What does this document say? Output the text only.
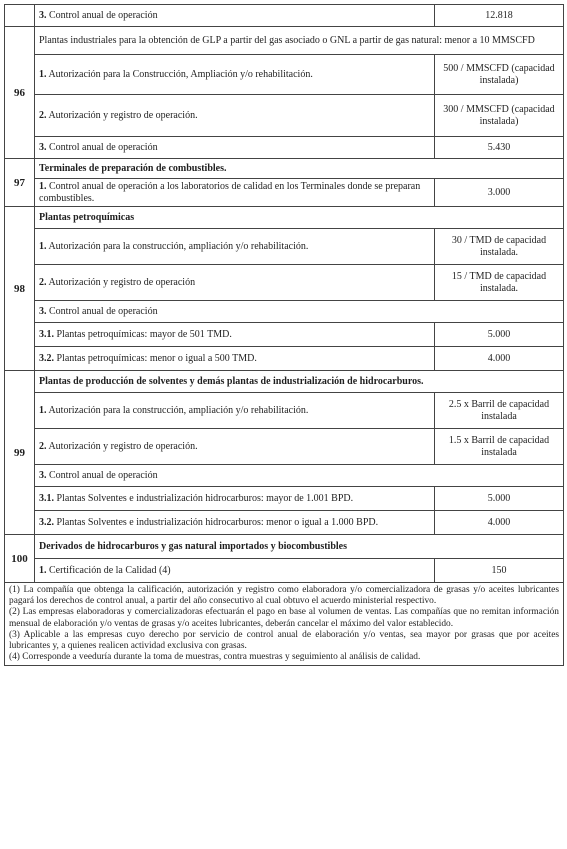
	3. Control anual de operación	12.818
96	Plantas industriales para la obtención de GLP a partir del gas asociado o GNL a partir de gas natural: menor a 10 MMSCFD	
	1. Autorización para la Construcción, Ampliación y/o rehabilitación.	500 / MMSCFD (capacidad instalada)
	2. Autorización y registro de operación.	300 / MMSCFD (capacidad instalada)
	3. Control anual de operación	5.430
97	Terminales de preparación de combustibles.	
	1. Control anual de operación a los laboratorios de calidad en los Terminales donde se preparan combustibles.	3.000
98	Plantas petroquímicas	
	1. Autorización para la construcción, ampliación y/o rehabilitación.	30 / TMD de capacidad instalada.
	2. Autorización y registro de operación	15 / TMD de capacidad instalada.
	3. Control anual de operación	
	3.1. Plantas petroquímicas: mayor de 501 TMD.	5.000
	3.2. Plantas petroquímicas: menor o igual a 500 TMD.	4.000
99	Plantas de producción de solventes y demás plantas de industrialización de hidrocarburos.	
	1. Autorización para la construcción, ampliación y/o rehabilitación.	2.5 x Barril de capacidad instalada
	2. Autorización y registro de operación.	1.5 x Barril de capacidad instalada
	3. Control anual de operación	
	3.1. Plantas Solventes e industrialización hidrocarburos: mayor de 1.001 BPD.	5.000
	3.2. Plantas Solventes e industrialización hidrocarburos: menor o igual a 1.000 BPD.	4.000
100	Derivados de hidrocarburos y gas natural importados y biocombustibles	
	1. Certificación de la Calidad (4)	150

(1) La compañía que obtenga la calificación, autorización y registro como elaboradora y/o comercializadora de grasas y/o aceites lubricantes pagará los derechos de control anual, a partir del año consecutivo al cual obtuvo el acuerdo ministerial respectivo.

(2) Las empresas elaboradoras y comercializadoras efectuarán el pago en base al volumen de ventas. Las compañías que no remitan información mensual de elaboración y/o ventas de grasas y/o aceites lubricantes, deberán cancelar el máximo del valor establecido.

(3) Aplicable a las empresas cuyo derecho por servicio de control anual de elaboración y/o ventas, sea mayor por grasas que por aceites lubricantes y, a quienes realicen actividad exclusiva con grasas.

(4) Corresponde a veeduría durante la toma de muestras, contra muestras y seguimiento al análisis de calidad.		
